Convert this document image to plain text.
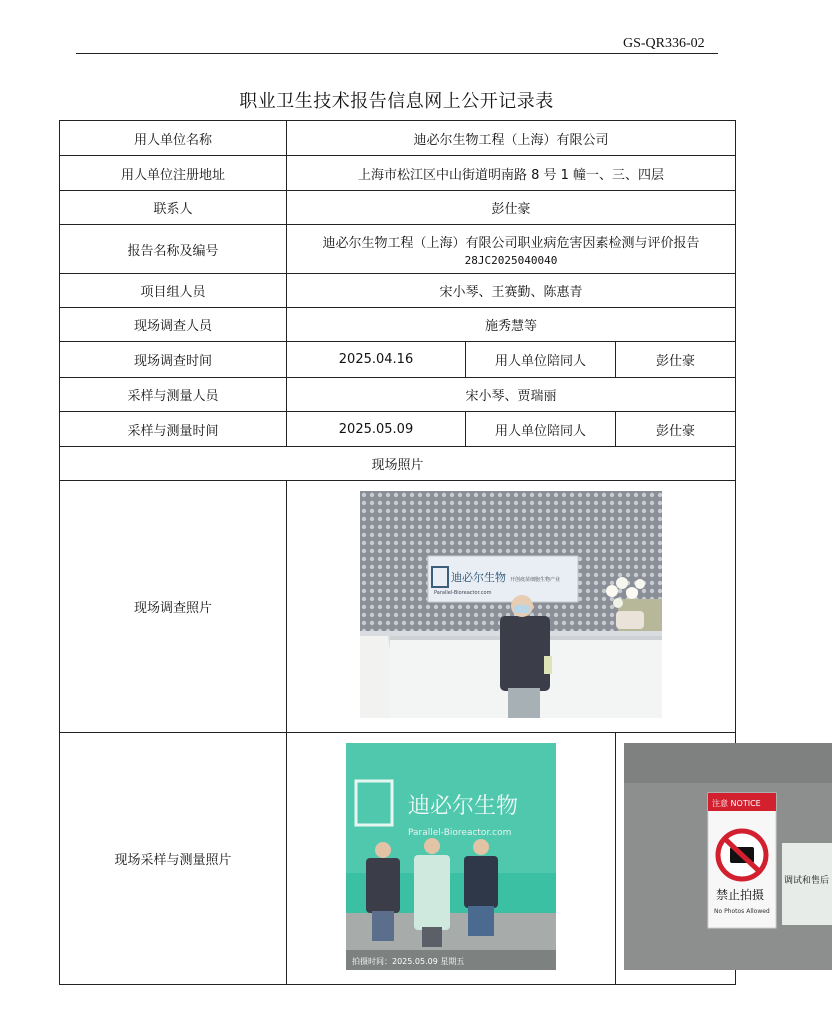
GS-QR336-02
职业卫生技术报告信息网上公开记录表
用人单位名称	迪必尔生物工程（上海）有限公司		
用人单位注册地址	上海市松江区中山街道明南路 8 号 1 幢一、三、四层		
联系人	彭仕豪		
报告名称及编号	迪必尔生物工程（上海）有限公司职业病危害因素检测与评价报告
28JC2025040040		

项目组人员	宋小琴、王赛勤、陈惠青		
现场调查人员	施秀慧等		
现场调查时间	2025.04.16	用人单位陪同人	彭仕豪
采样与测量人员	宋小琴、贾瑞丽		
采样与测量时间	2025.05.09	用人单位陪同人	彭仕豪
现场照片			
现场调查照片	迪必尔生物
Parallel-Bioreactor.com
开创疫苗细胞生物产业		

现场采样与测量照片	迪必尔生物
Parallel-Bioreactor.com
拍摄时间：2025.05.09 星期五		注意 NOTICE
禁止拍摄
No Photos Allowed
调试和售后
